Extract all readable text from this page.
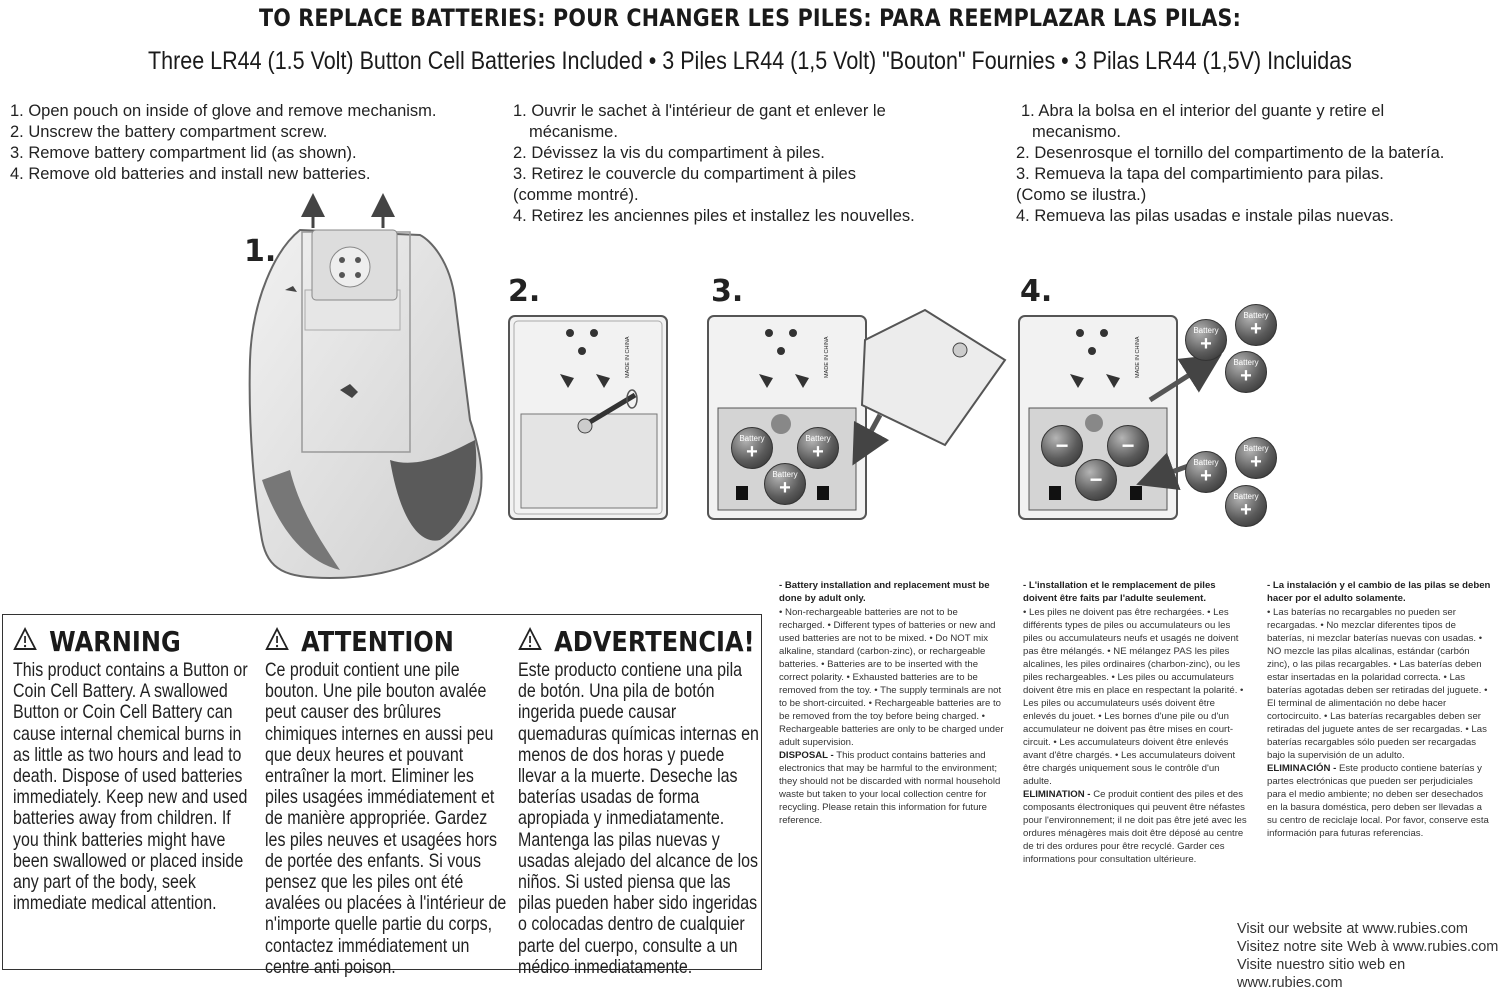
TO REPLACE BATTERIES: POUR CHANGER LES PILES: PARA REEMPLAZAR LAS PILAS:
Three LR44 (1.5 Volt) Button Cell Batteries Included • 3 Piles LR44 (1,5 Volt) "Bouton" Fournies • 3 Pilas LR44 (1,5V) Incluidas
1. Open pouch on inside of glove and remove mechanism.
2. Unscrew the battery compartment screw.
3. Remove battery compartment lid (as shown).
4. Remove old batteries and install new batteries.
1. Ouvrir le sachet à l'intérieur de gant et enlever le
mécanisme.
2. Dévissez la vis du compartiment à piles.
3. Retirez le couvercle du compartiment à piles
(comme montré).
4. Retirez les anciennes piles et installez les nouvelles.
1. Abra la bolsa en el interior del guante y retire el
mecanismo.
2. Desenrosque el tornillo del compartimento de la batería.
3. Remueva la tapa del compartimiento para pilas.
(Como se ilustra.)
4. Remueva las pilas usadas e instale pilas nuevas.
1.
2.	3.	4.
Battery
+
Battery
+
Battery
+
Battery
+
Battery
+
Battery
+
Battery
+
Battery
+
Battery
+
−	−
−
MADE IN CHINA	MADE IN CHINA	MADE IN CHINA
WARNING
This product contains a Button or Coin Cell Battery. A swallowed Button or Coin Cell Battery can cause internal chemical burns in as little as two hours and lead to death. Dispose of used batteries immediately. Keep new and used batteries away from children. If you think batteries might have been swallowed or placed inside any part of the body, seek immediate medical attention.
ATTENTION
Ce produit contient une pile bouton. Une pile bouton avalée peut causer des brûlures chimiques internes en aussi peu que deux heures et pouvant entraîner la mort. Eliminer les piles usagées immédiatement et de manière appropriée. Gardez les piles neuves et usagées hors de portée des enfants. Si vous pensez que les piles ont été avalées ou placées à l'intérieur de n'importe quelle partie du corps, contactez immédiatement un centre anti poison.
ADVERTENCIA!
Este producto contiene una pila de botón. Una pila de botón ingerida puede causar quemaduras químicas internas en menos de dos horas y puede llevar a la muerte. Deseche las baterías usadas de forma apropiada y inmediatamente. Mantenga las pilas nuevas y usadas alejado del alcance de los niños. Si usted piensa que las pilas pueden haber sido ingeridas o colocadas dentro de cualquier parte del cuerpo, consulte a un médico inmediatamente.
- Battery installation and replacement must be done by adult only.
• Non-rechargeable batteries are not to be recharged. • Different types of batteries or new and used batteries are not to be mixed. • Do NOT mix alkaline, standard (carbon-zinc), or rechargeable batteries. • Batteries are to be inserted with the correct polarity. • Exhausted batteries are to be removed from the toy. • The supply terminals are not to be short-circuited. • Rechargeable batteries are to be removed from the toy before being charged. • Rechargeable batteries are only to be charged under adult supervision.
DISPOSAL - This product contains batteries and electronics that may be harmful to the environment; they should not be discarded with normal household waste but taken to your local collection centre for recycling. Please retain this information for future reference.
- L'installation et le remplacement de piles doivent être faits par l'adulte seulement.
• Les piles ne doivent pas être rechargées. • Les différents types de piles ou accumulateurs ou les piles ou accumulateurs neufs et usagés ne doivent pas être mélangés. • NE mélangez PAS les piles alcalines, les piles ordinaires (charbon-zinc), ou les piles rechargeables. • Les piles ou accumulateurs doivent être mis en place en respectant la polarité. • Les piles ou accumulateurs usés doivent être enlevés du jouet. • Les bornes d'une pile ou d'un accumulateur ne doivent pas être mises en court-circuit. • Les accumulateurs doivent être enlevés avant d'être chargés. • Les accumulateurs doivent être chargés uniquement sous le contrôle d'un adulte.
ELIMINATION - Ce produit contient des piles et des composants électroniques qui peuvent être néfastes pour l'environnement; il ne doit pas être jeté avec les ordures ménagères mais doit être déposé au centre de tri des ordures pour être recyclé. Garder ces informations pour consultation ultérieure.
- La instalación y el cambio de las pilas se deben hacer por el adulto solamente.
• Las baterías no recargables no pueden ser recargadas. • No mezclar diferentes tipos de baterías, ni mezclar baterías nuevas con usadas. • NO mezcle las pilas alcalinas, estándar (carbón zinc), o las pilas recargables. • Las baterías deben estar insertadas en la polaridad correcta. • Las baterías agotadas deben ser retiradas del juguete. • El terminal de alimentación no debe hacer cortocircuito. • Las baterías recargables deben ser retiradas del juguete antes de ser recargadas. • Las baterías recargables sólo pueden ser recargadas bajo la supervisión de un adulto.
ELIMINACIÓN - Este producto contiene baterías y partes electrónicas que pueden ser perjudiciales para el medio ambiente; no deben ser desechados en la basura doméstica, pero deben ser llevadas a su centro de reciclaje local. Por favor, conserve esta información para futuras referencias.
Visit our website at www.rubies.com
Visitez notre site Web à www.rubies.com
Visite nuestro sitio web en www.rubies.com
